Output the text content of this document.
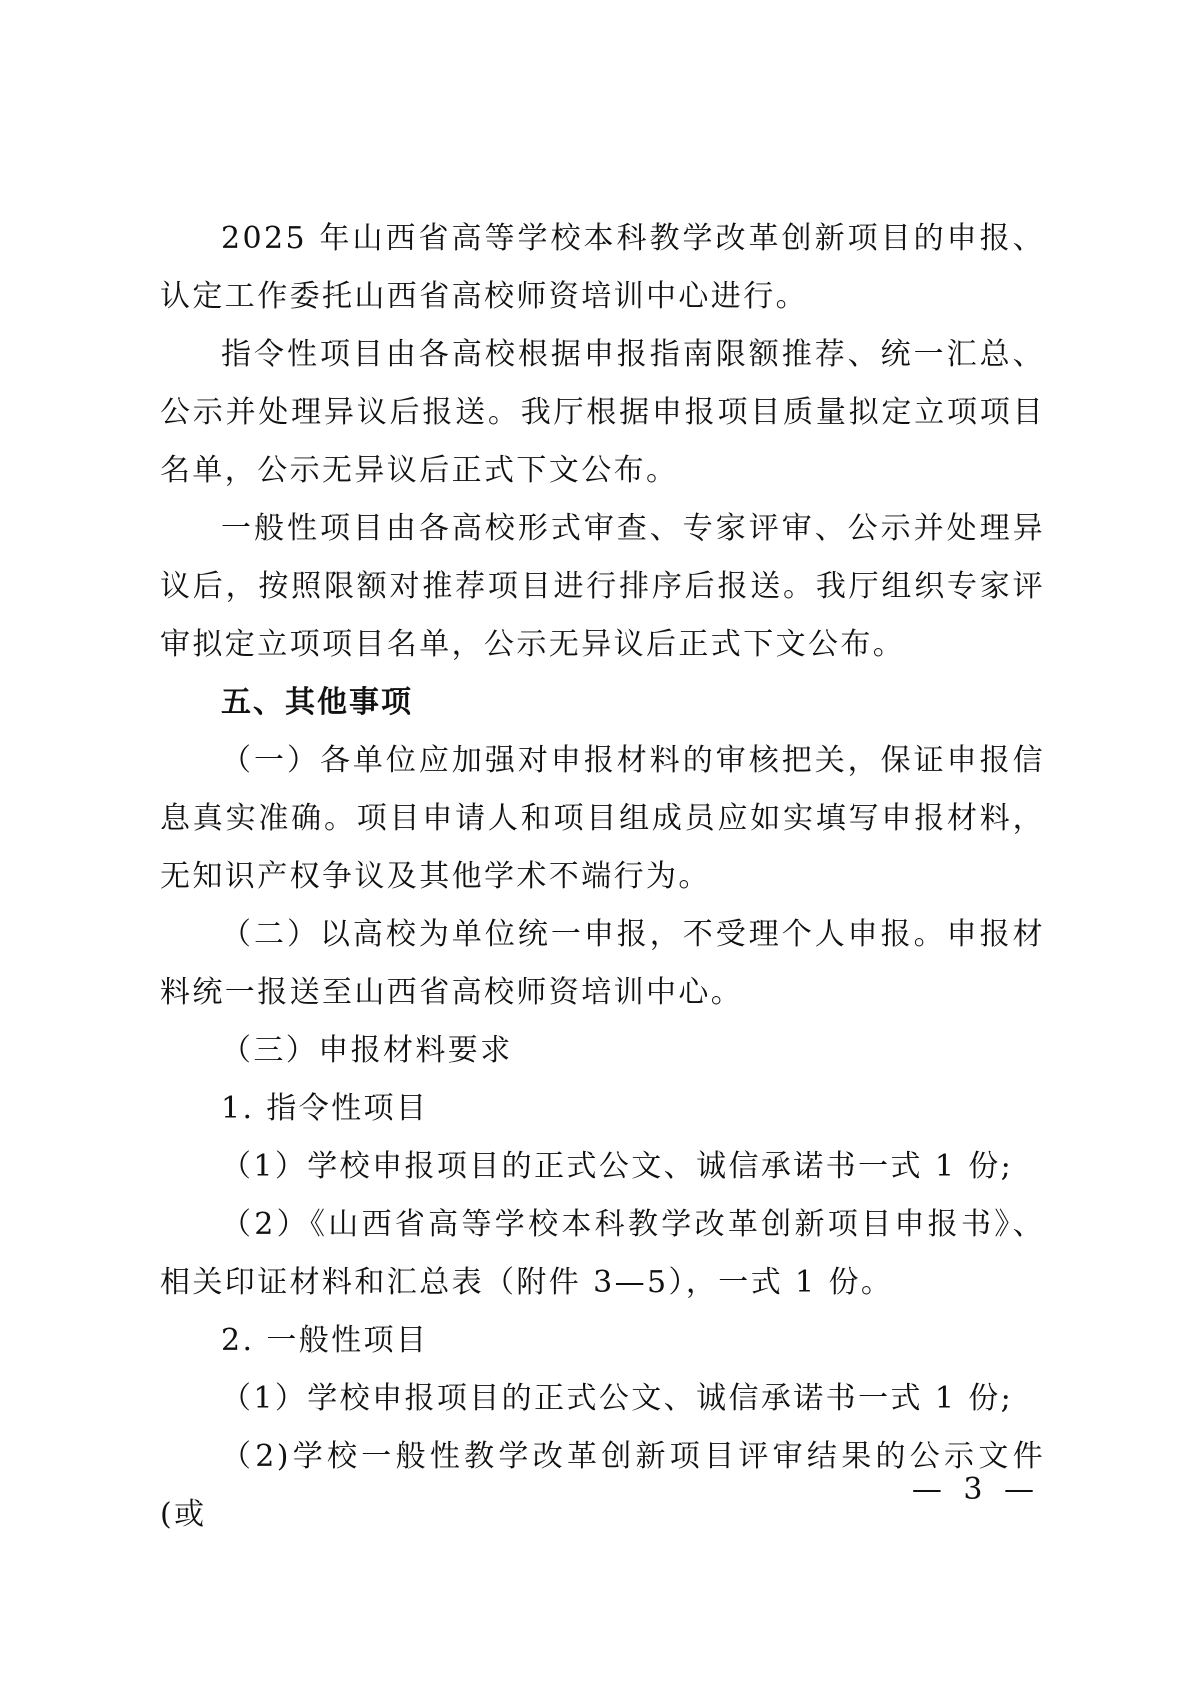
2025 年山西省高等学校本科教学改革创新项目的申报、认定工作委托山西省高校师资培训中心进行。

指令性项目由各高校根据申报指南限额推荐、统一汇总、公示并处理异议后报送。我厅根据申报项目质量拟定立项项目名单，公示无异议后正式下文公布。

一般性项目由各高校形式审查、专家评审、公示并处理异议后，按照限额对推荐项目进行排序后报送。我厅组织专家评审拟定立项项目名单，公示无异议后正式下文公布。

五、其他事项

（一）各单位应加强对申报材料的审核把关，保证申报信息真实准确。项目申请人和项目组成员应如实填写申报材料，无知识产权争议及其他学术不端行为。

（二）以高校为单位统一申报，不受理个人申报。申报材料统一报送至山西省高校师资培训中心。

（三）申报材料要求

1. 指令性项目

（1）学校申报项目的正式公文、诚信承诺书一式 1 份;

（2）《山西省高等学校本科教学改革创新项目申报书》、相关印证材料和汇总表（附件 3—5），一式 1 份。

2. 一般性项目

（1）学校申报项目的正式公文、诚信承诺书一式 1 份;

（2)学校一般性教学改革创新项目评审结果的公示文件(或

— 3 —
